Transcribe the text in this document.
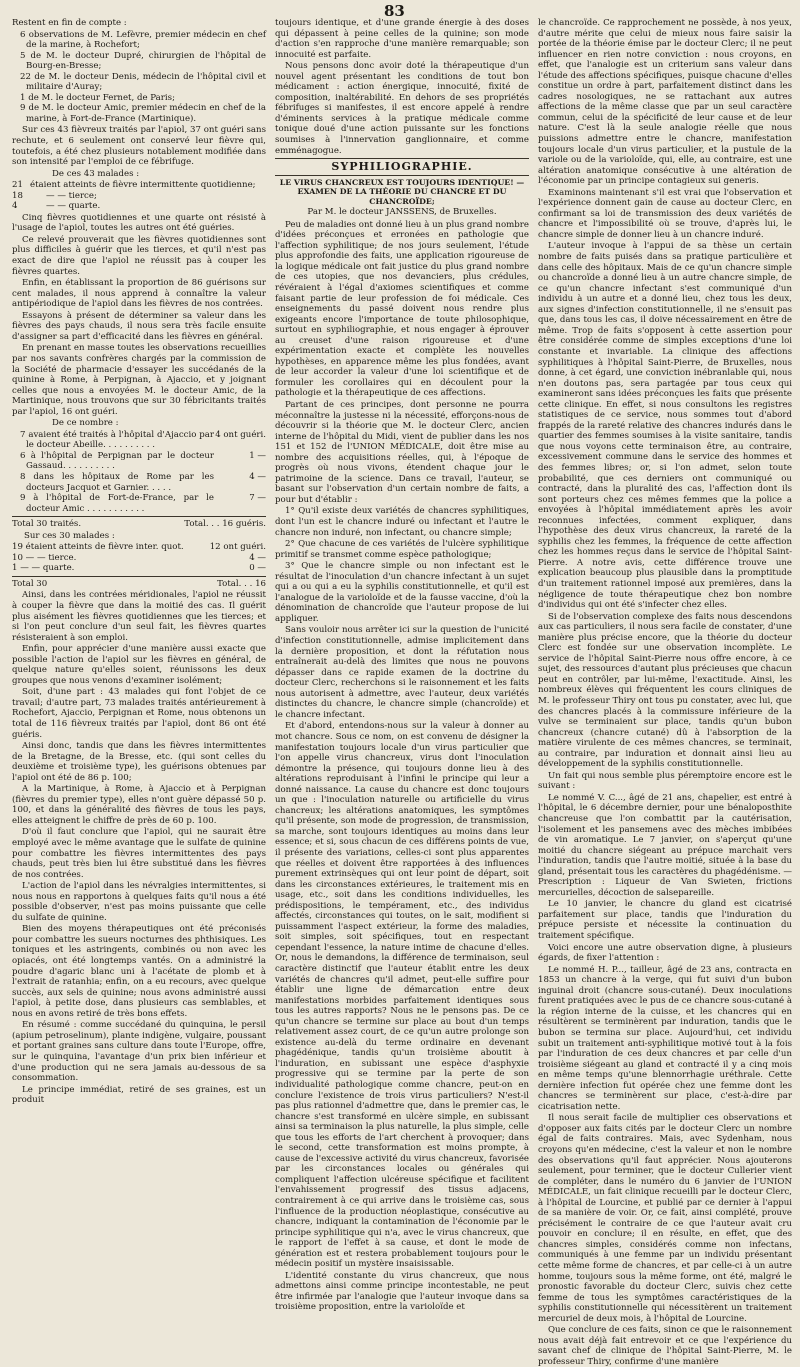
83

Restent en fin de compte :

6 observations de M. Lefèvre, premier médecin en chef de la marine, à Rochefort;
5 de M. le docteur Dupré, chirurgien de l'hôpital de Bourg-en-Bresse;
22 de M. le docteur Denis, médecin de l'hôpital civil et militaire d'Auray;
1 de M. le docteur Fernet, de Paris;
9 de M. le docteur Amic, premier médecin en chef de la marine, à Fort-de-France (Martinique).

Sur ces 43 fièvreux traités par l'apiol, 37 ont guéri sans rechute, et 6 seulement ont conservé leur fièvre qui, toutefois, a été chez plusieurs notablement modifiée dans son intensité par l'emploi de ce fébrifuge.

De ces 43 malades :

21	étaient atteints de fièvre intermittente quotidienne;
18	— — tierce;
4	— — quarte.

Cinq fièvres quotidiennes et une quarte ont résisté à l'usage de l'apiol, toutes les autres ont été guéries.

Ce relevé prouverait que les fièvres quotidiennes sont plus difficiles à guérir que les tierces, et qu'il n'est pas exact de dire que l'apiol ne réussit pas à couper les fièvres quartes.

Enfin, en établissant la proportion de 86 guérisons sur cent malades, il nous apprend à connaître la valeur antipériodique de l'apiol dans les fièvres de nos contrées.

Essayons à présent de déterminer sa valeur dans les fièvres des pays chauds, il nous sera très facile ensuite d'assigner sa part d'efficacité dans les fièvres en général.

En prenant en masse toutes les observations recueillies par nos savants confrères chargés par la commission de la Société de pharmacie d'essayer les succédanés de la quinine à Rome, à Perpignan, à Ajaccio, et y joignant celles que nous a envoyées M. le docteur Amic, de la Martinique, nous trouvons que sur 30 fébricitants traités par l'apiol, 16 ont guéri.

De ce nombre :

7 avaient été traités à l'hôpital d'Ajaccio par le docteur Abeille. . . . . . . . . .	4 ont guéri.
6 à l'hôpital de Perpignan par le docteur Gassaud. . . . . . . . . .	1 —
8 dans les hôpitaux de Rome par les docteurs Jacquot et Garnier. . . . .	4 —
9 à l'hôpital de Fort-de-France, par le docteur Amic . . . . . . . . . . .	7 —
Total 30 traités.	Total. . . 16 guéris.

Sur ces 30 malades :

19 étaient atteints de fièvre inter. quot.	12 ont guéri.
10 — — tierce.	4 —
1 — — quarte.	0 —
Total 30	Total. . . 16

Ainsi, dans les contrées méridionales, l'apiol ne réussit à couper la fièvre que dans la moitié des cas. Il guérit plus aisément les fièvres quotidiennes que les tierces; et si l'on peut conclure d'un seul fait, les fièvres quartes résisteraient à son emploi.

Enfin, pour apprécier d'une manière aussi exacte que possible l'action de l'apiol sur les fièvres en général, de quelque nature qu'elles soient, réunissons les deux groupes que nous venons d'examiner isolément;

Soit, d'une part : 43 malades qui font l'objet de ce travail; d'autre part, 73 malades traités antérieurement à Rochefort, Ajaccio, Perpignan et Rome, nous obtenons un total de 116 fièvreux traités par l'apiol, dont 86 ont été guéris.

Ainsi donc, tandis que dans les fièvres intermittentes de la Bretagne, de la Bresse, etc. (qui sont celles du deuxième et troisième type), les guérisons obtenues par l'apiol ont été de 86 p. 100;

A la Martinique, à Rome, à Ajaccio et à Perpignan (fièvres du premier type), elles n'ont guère dépassé 50 p. 100, et dans la généralité des fièvres de tous les pays, elles atteignent le chiffre de près de 60 p. 100.

D'où il faut conclure que l'apiol, qui ne saurait être employé avec le même avantage que le sulfate de quinine pour combattre les fièvres intermittentes des pays chauds, peut très bien lui être substitué dans les fièvres de nos contrées.

L'action de l'apiol dans les névralgies intermittentes, si nous nous en rapportons à quelques faits qu'il nous a été possible d'observer, n'est pas moins puissante que celle du sulfate de quinine.

Bien des moyens thérapeutiques ont été préconisés pour combattre les sueurs nocturnes des phthisiques. Les toniques et les astringents, combinés ou non avec les opiacés, ont été longtemps vantés. On a administré la poudre d'agaric blanc uni à l'acétate de plomb et à l'extrait de ratanhia; enfin, on a eu recours, avec quelque succès, aux sels de quinine; nous avons administré aussi l'apiol, à petite dose, dans plusieurs cas semblables, et nous en avons retiré de très bons effets.

En résumé : comme succédané du quinquina, le persil (apium petroselinum), plante indigène, vulgaire, poussant et portant graines sans culture dans toute l'Europe, offre, sur le quinquina, l'avantage d'un prix bien inférieur et d'une production qui ne sera jamais au-dessous de sa consommation.

Le principe immédiat, retiré de ses graines, est un produit

toujours identique, et d'une grande énergie à des doses qui dépassent à peine celles de la quinine; son mode d'action s'en rapproche d'une manière remarquable; son innocuité est parfaite.

Nous pensons donc avoir doté la thérapeutique d'un nouvel agent présentant les conditions de tout bon médicament : action énergique, innocuité, fixité de composition, inaltérabilité. En dehors de ses propriétés fébrifuges si manifestes, il est encore appelé à rendre d'éminents services à la pratique médicale comme tonique doué d'une action puissante sur les fonctions soumises à l'innervation ganglionnaire, et comme emménagogue.

SYPHILIOGRAPHIE.
LE VIRUS CHANCREUX EST TOUJOURS IDENTIQUE! — EXAMEN DE LA THÉORIE DU CHANCRE ET DU CHANCROÏDE;
Par M. le docteur JANSSENS, de Bruxelles.

Peu de maladies ont donné lieu à un plus grand nombre d'idées préconçues et erronées en pathologie que l'affection syphilitique; de nos jours seulement, l'étude plus approfondie des faits, une application rigoureuse de la logique médicale ont fait justice du plus grand nombre de ces utopies, que nos devanciers, plus crédules, révéraient à l'égal d'axiomes scientifiques et comme faisant partie de leur profession de foi médicale. Ces enseignements du passé doivent nous rendre plus exigeants encore l'importance de toute philosophique, surtout en syphiliographie, et nous engager à éprouver au creuset d'une raison rigoureuse et d'une expérimentation exacte et complète les nouvelles hypothèses, en apparence même les plus fondées, avant de leur accorder la valeur d'une loi scientifique et de formuler les corollaires qui en découlent pour la pathologie et la thérapeutique de ces affections.

Partant de ces principes, dont personne ne pourra méconnaître la justesse ni la nécessité, efforçons-nous de découvrir si la théorie que M. le docteur Clerc, ancien interne de l'hôpital du Midi, vient de publier dans les nos 151 et 152 de l'UNION MÉDICALE, doit être mise au nombre des acquisitions réelles, qui, à l'époque de progrès où nous vivons, étendent chaque jour le patrimoine de la science. Dans ce travail, l'auteur, se basant sur l'observation d'un certain nombre de faits, a pour but d'établir :

1° Qu'il existe deux variétés de chancres syphilitiques, dont l'un est le chancre induré ou infectant et l'autre le chancre non induré, non infectant, ou chancre simple;

2° Que chacune de ces variétés de l'ulcère syphilitique primitif se transmet comme espèce pathologique;

3° Que le chancre simple ou non infectant est le résultat de l'inoculation d'un chancre infectant à un sujet qui a ou qui a eu la syphilis constitutionnelle, et qu'il est l'analogue de la varioloïde et de la fausse vaccine, d'où la dénomination de chancroïde que l'auteur propose de lui appliquer.

Sans vouloir nous arrêter ici sur la question de l'unicité d'infection constitutionnelle, admise implicitement dans la dernière proposition, et dont la réfutation nous entraînerait au-delà des limites que nous ne pouvons dépasser dans ce rapide examen de la doctrine du docteur Clerc, recherchons si le raisonnement et les faits nous autorisent à admettre, avec l'auteur, deux variétés distinctes du chancre, le chancre simple (chancroïde) et le chancre infectant.

Et d'abord, entendons-nous sur la valeur à donner au mot chancre. Sous ce nom, on est convenu de désigner la manifestation toujours locale d'un virus particulier que l'on appelle virus chancreux, virus dont l'inoculation démontre la présence, qui toujours donne lieu à des altérations reproduisant à l'infini le principe qui leur a donné naissance. La cause du chancre est donc toujours un que : l'inoculation naturelle ou artificielle du virus chancreux; les altérations anatomiques, les symptômes qu'il présente, son mode de progression, de transmission, sa marche, sont toujours identiques au moins dans leur essence; et si, sous chacun de ces différens points de vue, il présente des variations, celles-ci sont plus apparentes que réelles et doivent être rapportées à des influences purement extrinsèques qui ont leur point de départ, soit dans les circonstances extérieures, le traitement mis en usage, etc., soit dans les conditions individuelles, les prédispositions, le tempérament, etc., des individus affectés, circonstances qui toutes, on le sait, modifient si puissamment l'aspect extérieur, la forme des maladies, soit simples, soit spécifiques, tout en respectant cependant l'essence, la nature intime de chacune d'elles. Or, nous le demandons, la différence de terminaison, seul caractère distinctif que l'auteur établit entre les deux variétés de chancres qu'il admet, peut-elle suffire pour établir une ligne de démarcation entre deux manifestations morbides parfaitement identiques sous tous les autres rapports? Nous ne le pensons pas. De ce qu'un chancre se termine sur place au bout d'un temps relativement assez court, de ce qu'un autre prolonge son existence au-delà du terme ordinaire en devenant phagédénique, tandis qu'un troisième aboutit à l'induration, en subissant une espèce d'asphyxie progressive qui se termine par la perte de son individualité pathologique comme chancre, peut-on en conclure l'existence de trois virus particuliers? N'est-il pas plus rationnel d'admettre que, dans le premier cas, le chancre s'est transformé en ulcère simple, en subissant ainsi sa terminaison la plus naturelle, la plus simple, celle que tous les efforts de l'art cherchent à provoquer; dans le second, cette transformation est moins prompte, à cause de l'excessive activité du virus chancreux, favorisée par les circonstances locales ou générales qui compliquent l'affection ulcéreuse spécifique et facilitent l'envahissement progressif des tissus adjacens, contrairement à ce qui arrive dans le troisième cas, sous l'influence de la production néoplastique, consécutive au chancre, indiquant la contamination de l'économie par le principe syphilitique qui n'a, avec le virus chancreux, que le rapport de l'effet à sa cause, et dont le mode de génération est et restera probablement toujours pour le médecin positif un mystère insaisissable.

L'identité constante du virus chancreux, que nous admettons ainsi comme principe incontestable, ne peut être infirmée par l'analogie que l'auteur invoque dans sa troisième proposition, entre la varioloïde et

le chancroïde. Ce rapprochement ne possède, à nos yeux, d'autre mérite que celui de mieux nous faire saisir la portée de la théorie émise par le docteur Clerc; il ne peut influencer en rien notre conviction : nous croyons, en effet, que l'analogie est un criterium sans valeur dans l'étude des affections spécifiques, puisque chacune d'elles constitue un ordre à part, parfaitement distinct dans les cadres nosologiques, ne se rattachant aux autres affections de la même classe que par un seul caractère commun, celui de la spécificité de leur cause et de leur nature. C'est là la seule analogie réelle que nous puissions admettre entre le chancre, manifestation toujours locale d'un virus particulier, et la pustule de la variole ou de la varioloïde, qui, elle, au contraire, est une altération anatomique consécutive à une altération de l'économie par un principe contagieux sui generis.

Examinons maintenant s'il est vrai que l'observation et l'expérience donnent gain de cause au docteur Clerc, en confirmant sa loi de transmission des deux variétés de chancre et l'impossibilité où se trouve, d'après lui, le chancre simple de donner lieu à un chancre induré.

L'auteur invoque à l'appui de sa thèse un certain nombre de faits puisés dans sa pratique particulière et dans celle des hôpitaux. Mais de ce qu'un chancre simple ou chancroïde a donné lieu à un autre chancre simple, de ce qu'un chancre infectant s'est communiqué d'un individu à un autre et a donné lieu, chez tous les deux, aux signes d'infection constitutionnelle, il ne s'ensuit pas que, dans tous les cas, il doive nécessairement en être de même. Trop de faits s'opposent à cette assertion pour être considérée comme de simples exceptions d'une loi constante et invariable. La clinique des affections syphilitiques à l'hôpital Saint-Pierre, de Bruxelles, nous donne, à cet égard, une conviction inébranlable qui, nous n'en doutons pas, sera partagée par tous ceux qui examineront sans idées préconçues les faits que présente cette clinique. En effet, si nous consultons les registres statistiques de ce service, nous sommes tout d'abord frappés de la rareté relative des chancres indurés dans le quartier des femmes soumises à la visite sanitaire, tandis que nous voyons cette terminaison être, au contraire, excessivement commune dans le service des hommes et des femmes libres; or, si l'on admet, selon toute probabilité, que ces derniers ont communiqué ou contracté, dans la pluralité des cas, l'affection dont ils sont porteurs chez ces mêmes femmes que la police a envoyées à l'hôpital immédiatement après les avoir reconnues infectées, comment expliquer, dans l'hypothèse des deux virus chancreux, la rareté de la syphilis chez les femmes, la fréquence de cette affection chez les hommes reçus dans le service de l'hôpital Saint-Pierre. A notre avis, cette différence trouve une explication beaucoup plus plausible dans la promptitude d'un traitement rationnel imposé aux premières, dans la négligence de toute thérapeutique chez bon nombre d'individus qui ont été s'infecter chez elles.

Si de l'observation complexe des faits nous descendons aux cas particuliers, il nous sera facile de constater, d'une manière plus précise encore, que la théorie du docteur Clerc est fondée sur une observation incomplète. Le service de l'hôpital Saint-Pierre nous offre encore, à ce sujet, des ressources d'autant plus précieuses que chacun peut en contrôler, par lui-même, l'exactitude. Ainsi, les nombreux élèves qui fréquentent les cours cliniques de M. le professeur Thiry ont tous pu constater, avec lui, que des chancres placés à la commissure inférieure de la vulve se terminaient sur place, tandis qu'un bubon chancreux (chancre cutané) dû à l'absorption de la matière virulente de ces mêmes chancres, se terminait, au contraire, par induration et donnait ainsi lieu au développement de la syphilis constitutionnelle.

Un fait qui nous semble plus péremptoire encore est le suivant :

Le nommé V. C..., âgé de 21 ans, chapelier, est entré à l'hôpital, le 6 décembre dernier, pour une bénaloposthite chancreuse que l'on combattit par la cautérisation, l'isolement et les pansemens avec des mèches imbibées de vin aromatique. Le 7 janvier, on s'aperçut qu'une moitié du chancre siégeant au prépuce marchait vers l'induration, tandis que l'autre moitié, située à la base du gland, présentait tous les caractères du phagédénisme. — Prescription : Liqueur de Van Swieten, frictions mercurielles, décoction de salsepareille.

Le 10 janvier, le chancre du gland est cicatrisé parfaitement sur place, tandis que l'induration du prépuce persiste et nécessite la continuation du traitement spécifique.

Voici encore une autre observation digne, à plusieurs égards, de fixer l'attention :

Le nommé H. P..., tailleur, âgé de 23 ans, contracta en 1853 un chancre à la verge, qui fut suivi d'un bubon inguinal droit (chancre sous-cutané). Deux inoculations furent pratiquées avec le pus de ce chancre sous-cutané à la région interne de la cuisse, et les chancres qui en résultèrent se terminèrent par induration, tandis que le bubon se termina sur place. Aujourd'hui, cet individu subit un traitement anti-syphilitique motivé tout à la fois par l'induration de ces deux chancres et par celle d'un troisième siégeant au gland et contracté il y a cinq mois en même temps qu'une blennorrhagie uréthrale. Cette dernière infection fut opérée chez une femme dont les chancres se terminèrent sur place, c'est-à-dire par cicatrisation nette.

Il nous serait facile de multiplier ces observations et d'opposer aux faits cités par le docteur Clerc un nombre égal de faits contraires. Mais, avec Sydenham, nous croyons qu'en médecine, c'est la valeur et non le nombre des observations qu'il faut apprécier. Nous ajouterons seulement, pour terminer, que le docteur Cullerier vient de compléter, dans le numéro du 6 janvier de l'UNION MÉDICALE, un fait clinique recueilli par le docteur Clerc, à l'hôpital de Lourcine, et publié par ce dernier à l'appui de sa manière de voir. Or, ce fait, ainsi complété, prouve précisément le contraire de ce que l'auteur avait cru pouvoir en conclure; il en résulte, en effet, que des chancres simples, considérés comme non infectans, communiqués à une femme par un individu présentant cette même forme de chancres, et par celle-ci à un autre homme, toujours sous la même forme, ont été, malgré le pronostic favorable du docteur Clerc, suivis chez cette femme de tous les symptômes caractéristiques de la syphilis constitutionnelle qui nécessitèrent un traitement mercuriel de deux mois, à l'hôpital de Lourcine.

Que conclure de ces faits, sinon ce que le raisonnement nous avait déjà fait entrevoir et ce que l'expérience du savant chef de clinique de l'hôpital Saint-Pierre, M. le professeur Thiry, confirme d'une manière
